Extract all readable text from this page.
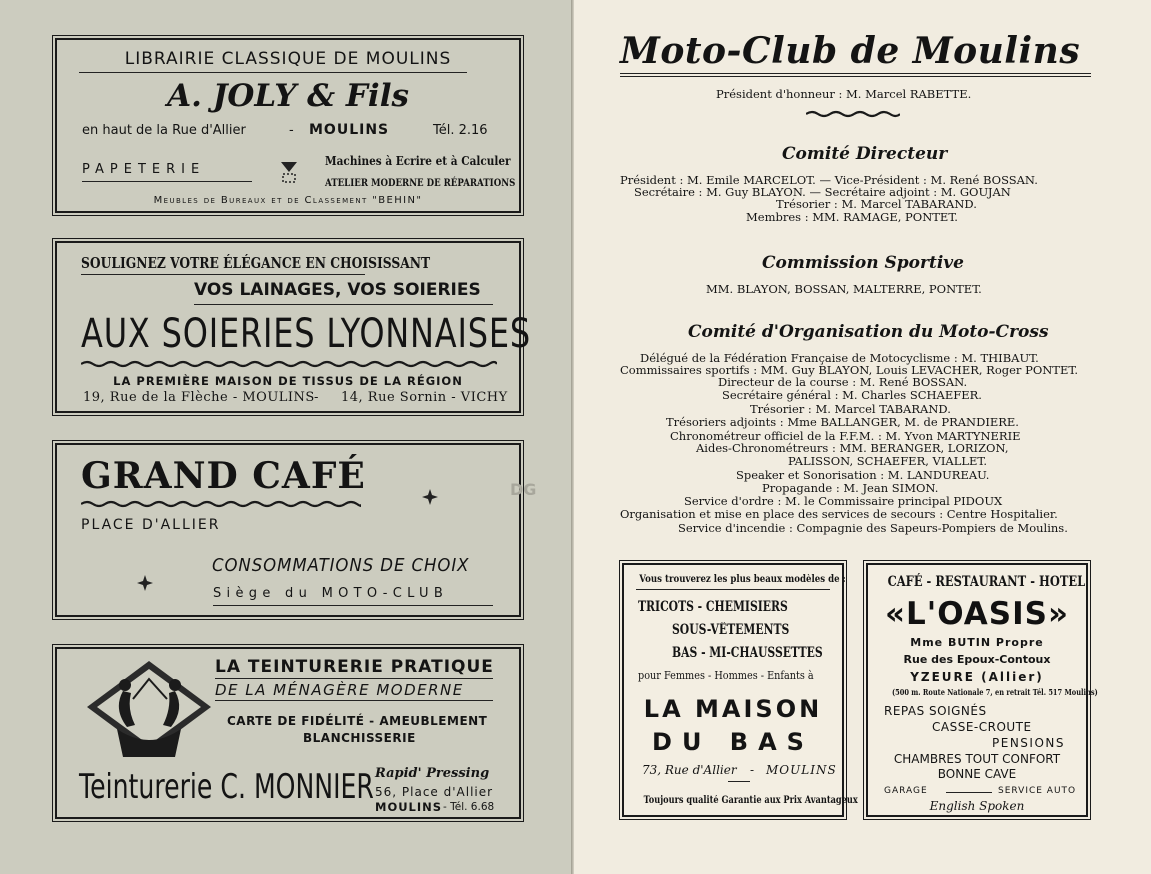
LIBRAIRIE CLASSIQUE DE MOULINS
A. JOLY & Fils
en haut de la Rue d'Allier	- MOULINS	Tél. 2.16
PAPETERIE
Machines à Ecrire et à Calculer
ATELIER MODERNE DE RÉPARATIONS
Meubles de Bureaux et de Classement "BEHIN"
SOULIGNEZ VOTRE ÉLÉGANCE EN CHOISISSANT
VOS LAINAGES, VOS SOIERIES
AUX SOIERIES LYONNAISES
LA PREMIÈRE MAISON DE TISSUS DE LA RÉGION
19, Rue de la Flèche - MOULINS - 14, Rue Sornin - VICHY
GRAND CAFÉ
PLACE D'ALLIER
CONSOMMATIONS DE CHOIX
Siège du MOTO-CLUB
LA TEINTURERIE PRATIQUE
DE LA MÉNAGÈRE MODERNE
CARTE DE FIDÉLITÉ - AMEUBLEMENT
BLANCHISSERIE
Teinturerie C. MONNIER Rapid' Pressing
56, Place d'Allier
MOULINS - Tél. 6.68
DG
Moto-Club de Moulins
Président d'honneur : M. Marcel RABETTE.
Comité Directeur
Président : M. Emile MARCELOT. — Vice-Président : M. René BOSSAN.
Secrétaire : M. Guy BLAYON. — Secrétaire adjoint : M. GOUJAN
Trésorier : M. Marcel TABARAND.
Membres : MM. RAMAGE, PONTET.
Commission Sportive
MM. BLAYON, BOSSAN, MALTERRE, PONTET.
Comité d'Organisation du Moto-Cross
Délégué de la Fédération Française de Motocyclisme : M. THIBAUT.
Commissaires sportifs : MM. Guy BLAYON, Louis LEVACHER, Roger PONTET.
Directeur de la course : M. René BOSSAN.
Secrétaire général : M. Charles SCHAEFER.
Trésorier : M. Marcel TABARAND.
Trésoriers adjoints : Mme BALLANGER, M. de PRANDIERE.
Chronométreur officiel de la F.F.M. : M. Yvon MARTYNERIE
Aides-Chronométreurs : MM. BERANGER, LORIZON,
PALISSON, SCHAEFER, VIALLET.
Speaker et Sonorisation : M. LANDUREAU.
Propagande : M. Jean SIMON.
Service d'ordre : M. le Commissaire principal PIDOUX
Organisation et mise en place des services de secours : Centre Hospitalier.
Service d'incendie : Compagnie des Sapeurs-Pompiers de Moulins.
Vous trouverez les plus beaux modèles de :
TRICOTS - CHEMISIERS
SOUS-VÊTEMENTS
BAS - MI-CHAUSSETTES
pour Femmes - Hommes - Enfants à
LA MAISON
DU BAS
73, Rue d'Allier - MOULINS
Toujours qualité Garantie aux Prix Avantageux
CAFÉ - RESTAURANT - HOTEL
«L'OASIS»
Mme BUTIN Propre
Rue des Epoux-Contoux
YZEURE (Allier)
(500 m. Route Nationale 7, en retrait Tél. 517 Moulins)
REPAS SOIGNÉS
CASSE-CROUTE
PENSIONS
CHAMBRES TOUT CONFORT
BONNE CAVE
GARAGE	SERVICE AUTO
English Spoken
